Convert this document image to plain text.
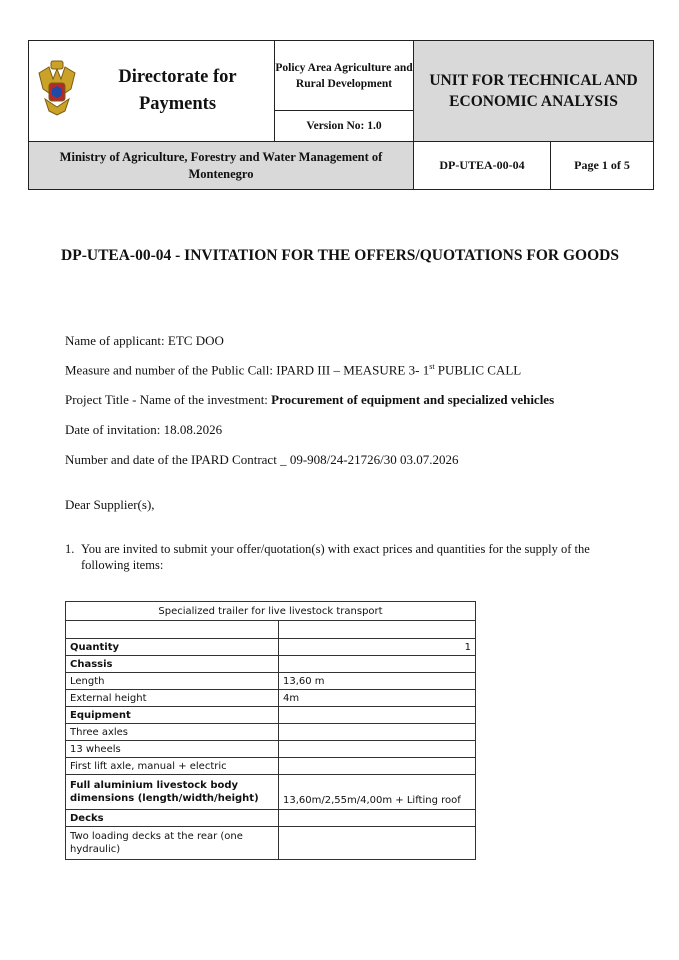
Directorate for Payments	Policy Area Agriculture and Rural Development	UNIT FOR TECHNICAL AND ECONOMIC ANALYSIS	
	Version No: 1.0		
Ministry of Agriculture, Forestry and Water Management of Montenegro		DP-UTEA-00-04	Page 1 of 5
DP-UTEA-00-04 - INVITATION FOR THE OFFERS/QUOTATIONS FOR GOODS
Name of applicant: ETC DOO
Measure and number of the Public Call: IPARD III – MEASURE 3- 1st PUBLIC CALL
Project Title - Name of the investment: Procurement of equipment and specialized vehicles
Date of invitation: 18.08.2026
Number and date of the IPARD Contract _ 09-908/24-21726/30 03.07.2026
Dear Supplier(s),
1. You are invited to submit your offer/quotation(s) with exact prices and quantities for the supply of the following items:
Specialized trailer for live livestock transport	

Quantity	1
Chassis	
Length	13,60 m
External height	4m
Equipment	
Three axles	
13 wheels	
First lift axle, manual + electric	
Full aluminium livestock body dimensions (length/width/height)	13,60m/2,55m/4,00m + Lifting roof
Decks	
Two loading decks at the rear (one hydraulic)	
